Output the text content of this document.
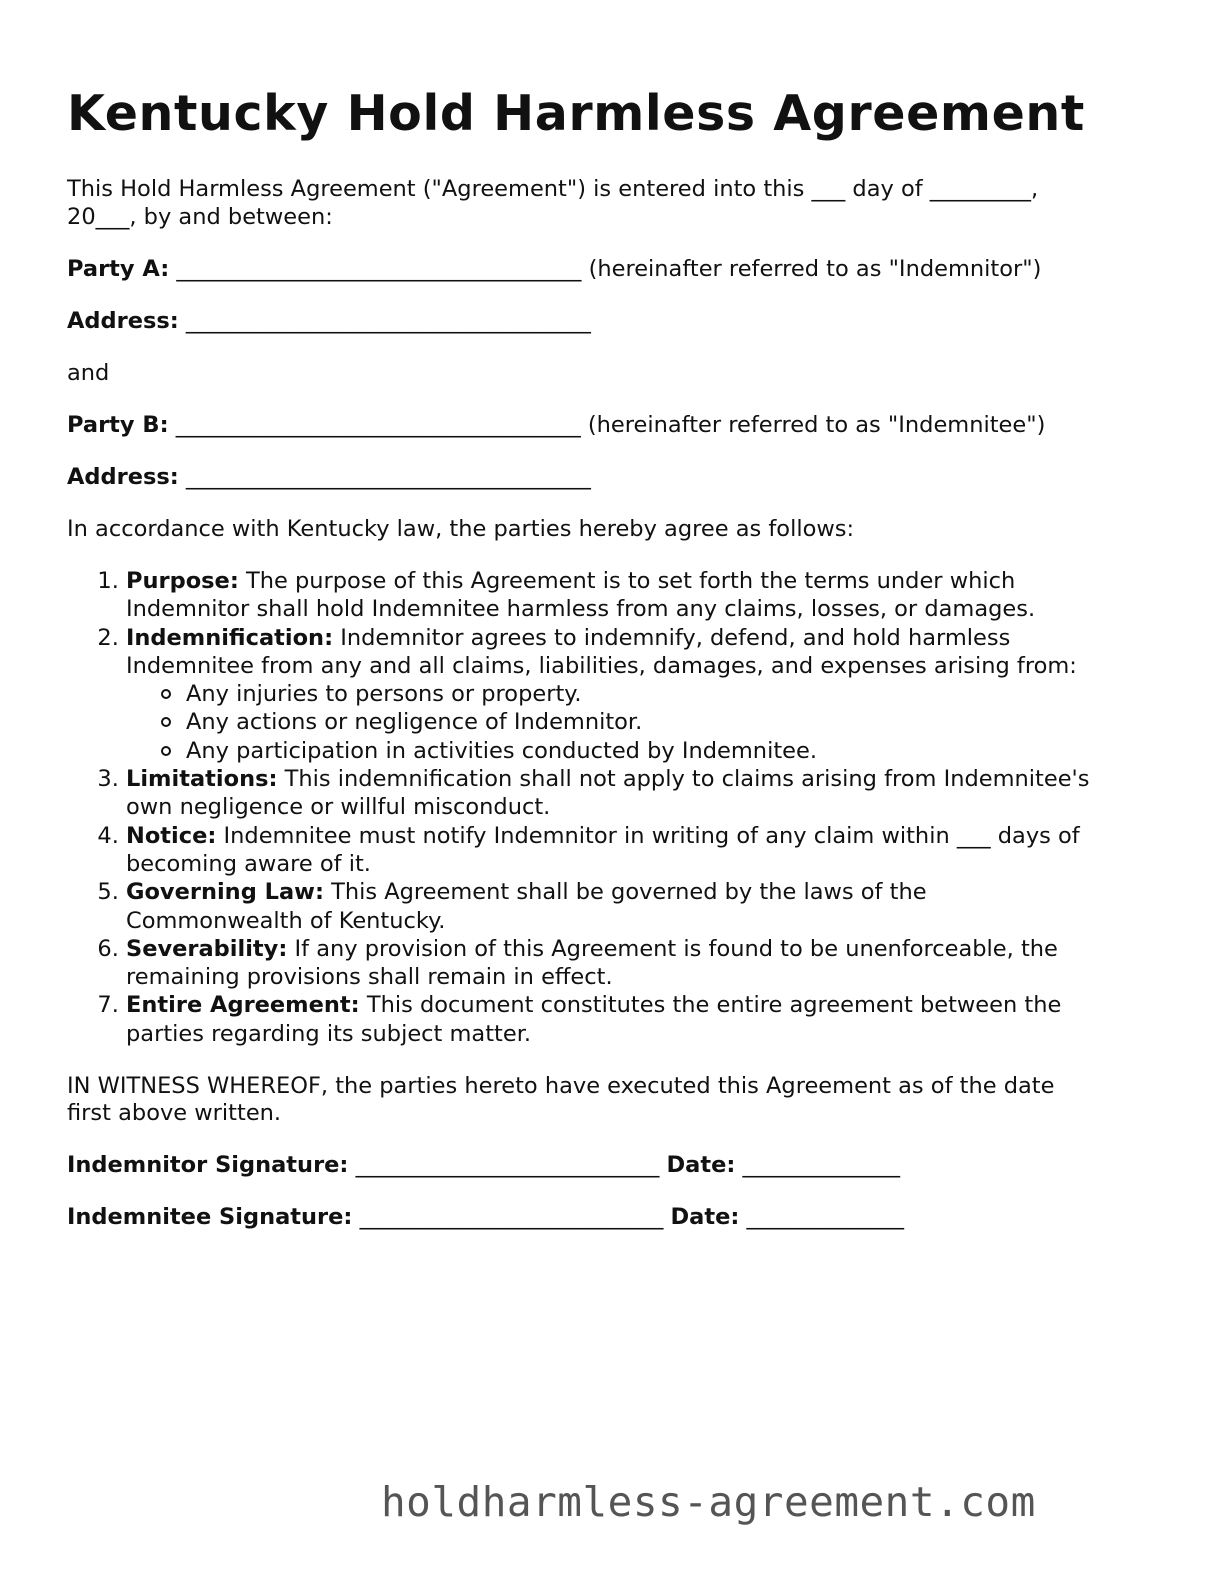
Kentucky Hold Harmless Agreement

This Hold Harmless Agreement ("Agreement") is entered into this ___ day of _________,

20___, by and between:

Party A: ____________________________________ (hereinafter referred to as "Indemnitor")

Address: ____________________________________

and

Party B: ____________________________________ (hereinafter referred to as "Indemnitee")

Address: ____________________________________

In accordance with Kentucky law, the parties hereby agree as follows:

1. Purpose: The purpose of this Agreement is to set forth the terms under which
Indemnitor shall hold Indemnitee harmless from any claims, losses, or damages.
2. Indemnification: Indemnitor agrees to indemnify, defend, and hold harmless
Indemnitee from any and all claims, liabilities, damages, and expenses arising from:
Any injuries to persons or property.
Any actions or negligence of Indemnitor.
Any participation in activities conducted by Indemnitee.
3. Limitations: This indemnification shall not apply to claims arising from Indemnitee's
own negligence or willful misconduct.
4. Notice: Indemnitee must notify Indemnitor in writing of any claim within ___ days of
becoming aware of it.
5. Governing Law: This Agreement shall be governed by the laws of the
Commonwealth of Kentucky.
6. Severability: If any provision of this Agreement is found to be unenforceable, the
remaining provisions shall remain in effect.
7. Entire Agreement: This document constitutes the entire agreement between the
parties regarding its subject matter.

IN WITNESS WHEREOF, the parties hereto have executed this Agreement as of the date

first above written.

Indemnitor Signature: ___________________________ Date: ______________

Indemnitee Signature: ___________________________ Date: ______________

holdharmless-agreement.com
